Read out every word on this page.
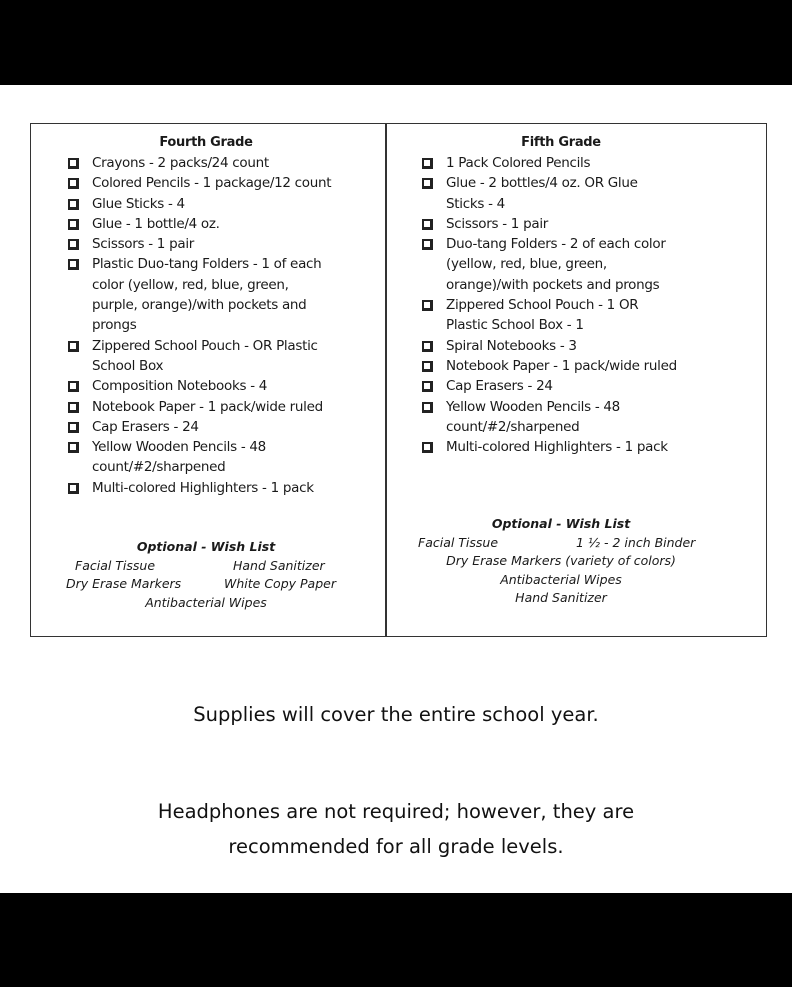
Fourth Grade
Crayons - 2 packs/24 count
Colored Pencils - 1 package/12 count
Glue Sticks - 4
Glue - 1 bottle/4 oz.
Scissors - 1 pair
Plastic Duo-tang Folders - 1 of each
color (yellow, red, blue, green,
purple, orange)/with pockets and
prongs
Zippered School Pouch - OR Plastic
School Box
Composition Notebooks - 4
Notebook Paper - 1 pack/wide ruled
Cap Erasers - 24
Yellow Wooden Pencils - 48
count/#2/sharpened
Multi-colored Highlighters - 1 pack
Fifth Grade
1 Pack Colored Pencils
Glue - 2 bottles/4 oz. OR Glue
Sticks - 4
Scissors - 1 pair
Duo-tang Folders - 2 of each color
(yellow, red, blue, green,
orange)/with pockets and prongs
Zippered School Pouch - 1 OR
Plastic School Box - 1
Spiral Notebooks - 3
Notebook Paper - 1 pack/wide ruled
Cap Erasers - 24
Yellow Wooden Pencils - 48
count/#2/sharpened
Multi-colored Highlighters - 1 pack
Optional - Wish List
Facial Tissue	Hand Sanitizer
Dry Erase Markers	White Copy Paper
Antibacterial Wipes
Optional - Wish List
Facial Tissue	1 ½ - 2 inch Binder
Dry Erase Markers (variety of colors)
Antibacterial Wipes
Hand Sanitizer
Supplies will cover the entire school year.
Headphones are not required; however, they are
recommended for all grade levels.
